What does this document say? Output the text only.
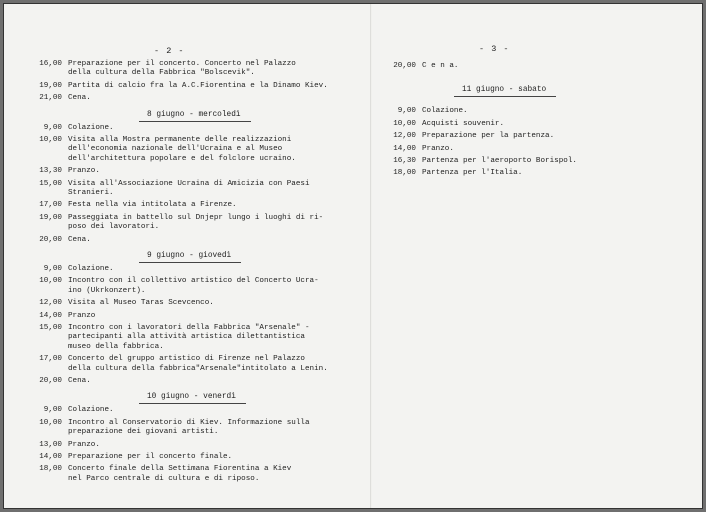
- 2 -
16,00 Preparazione per il concerto. Concerto nel Palazzo
della cultura della Fabbrica "Bolscevik".
19,00 Partita di calcio fra la A.C.Fiorentina e la Dinamo Kiev.
21,00 Cena.
8 giugno - mercoledì
9,00 Colazione.
10,00 Visita alla Mostra permanente delle realizzazioni
dell'economia nazionale dell'Ucraina e al Museo
dell'architettura popolare e del folclore ucraino.
13,30 Pranzo.
15,00 Visita all'Associazione Ucraina di Amicizia con Paesi
Stranieri.
17,00 Festa nella via intitolata a Firenze.
19,00 Passeggiata in battello sul Dnjepr lungo i luoghi di ri-
poso dei lavoratori.
20,00 Cena.
9 giugno - giovedì
9,00 Colazione.
10,00 Incontro con il collettivo artistico del Concerto Ucra-
ino (Ukrkonzert).
12,00 Visita al Museo Taras Scevcenco.
14,00 Pranzo
15,00 Incontro con i lavoratori della Fabbrica "Arsenale" -
partecipanti alla attività artistica dilettantistica
museo della fabbrica.
17,00 Concerto del gruppo artistico di Firenze nel Palazzo
della cultura della fabbrica"Arsenale"intitolato a Lenin.
20,00 Cena.
10 giugno - venerdì
9,00 Colazione.
10,00 Incontro al Conservatorio di Kiev. Informazione sulla
preparazione dei giovani artisti.
13,00 Pranzo.
14,00 Preparazione per il concerto finale.
18,00 Concerto finale della Settimana Fiorentina a Kiev
nel Parco centrale di cultura e di riposo.
- 3 -
20,00 C e n a.
11 giugno - sabato
9,00 Colazione.
10,00 Acquisti souvenir.
12,00 Preparazione per la partenza.
14,00 Pranzo.
16,30 Partenza per l'aeroporto Borispol.
18,00 Partenza per l'Italia.
